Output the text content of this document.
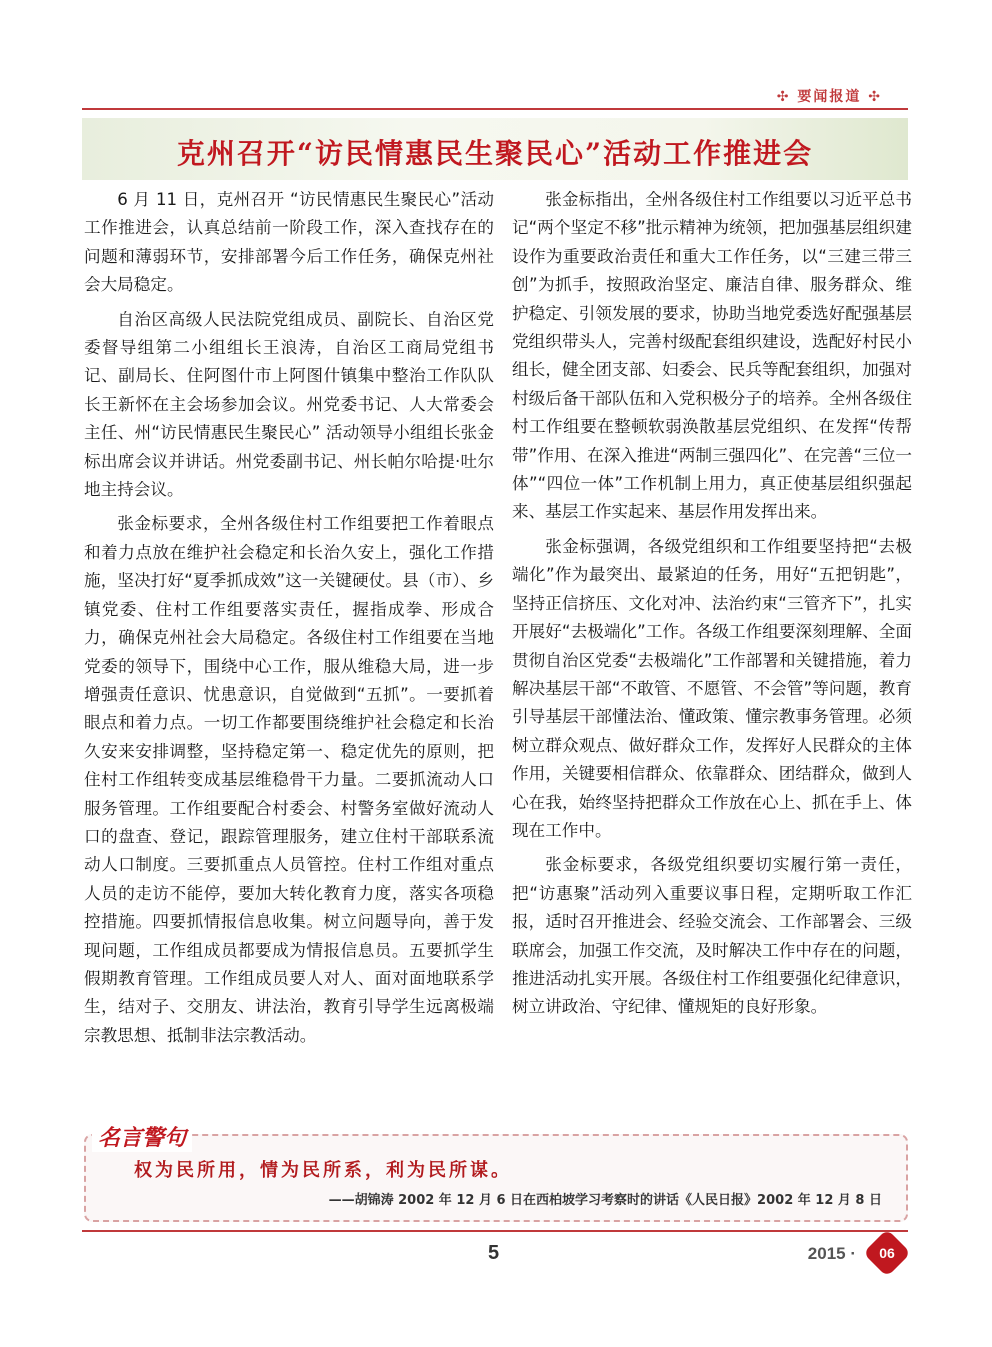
✣ 要闻报道 ✣
克州召开“访民情惠民生聚民心”活动工作推进会

6 月 11 日，克州召开 “访民情惠民生聚民心”活动工作推进会，认真总结前一阶段工作，深入查找存在的问题和薄弱环节，安排部署今后工作任务，确保克州社会大局稳定。

自治区高级人民法院党组成员、副院长、自治区党委督导组第二小组组长王浪涛，自治区工商局党组书记、副局长、住阿图什市上阿图什镇集中整治工作队队长王新怀在主会场参加会议。州党委书记、人大常委会主任、州“访民情惠民生聚民心” 活动领导小组组长张金标出席会议并讲话。州党委副书记、州长帕尔哈提·吐尔地主持会议。

张金标要求，全州各级住村工作组要把工作着眼点和着力点放在维护社会稳定和长治久安上，强化工作措施，坚决打好“夏季抓成效”这一关键硬仗。县（市）、乡镇党委、住村工作组要落实责任，握指成拳、形成合力，确保克州社会大局稳定。各级住村工作组要在当地党委的领导下，围绕中心工作，服从维稳大局，进一步增强责任意识、忧患意识，自觉做到“五抓”。一要抓着眼点和着力点。一切工作都要围绕维护社会稳定和长治久安来安排调整，坚持稳定第一、稳定优先的原则，把住村工作组转变成基层维稳骨干力量。二要抓流动人口服务管理。工作组要配合村委会、村警务室做好流动人口的盘查、登记，跟踪管理服务，建立住村干部联系流动人口制度。三要抓重点人员管控。住村工作组对重点人员的走访不能停，要加大转化教育力度，落实各项稳控措施。四要抓情报信息收集。树立问题导向，善于发现问题，工作组成员都要成为情报信息员。五要抓学生假期教育管理。工作组成员要人对人、面对面地联系学生，结对子、交朋友、讲法治，教育引导学生远离极端宗教思想、抵制非法宗教活动。

张金标指出，全州各级住村工作组要以习近平总书记“两个坚定不移”批示精神为统领，把加强基层组织建设作为重要政治责任和重大工作任务，以“三建三带三创”为抓手，按照政治坚定、廉洁自律、服务群众、维护稳定、引领发展的要求，协助当地党委选好配强基层党组织带头人，完善村级配套组织建设，选配好村民小组长，健全团支部、妇委会、民兵等配套组织，加强对村级后备干部队伍和入党积极分子的培养。全州各级住村工作组要在整顿软弱涣散基层党组织、在发挥“传帮带”作用、在深入推进“两制三强四化”、在完善“三位一体”“四位一体”工作机制上用力，真正使基层组织强起来、基层工作实起来、基层作用发挥出来。

张金标强调，各级党组织和工作组要坚持把“去极端化”作为最突出、最紧迫的任务，用好“五把钥匙”，坚持正信挤压、文化对冲、法治约束“三管齐下”，扎实开展好“去极端化”工作。各级工作组要深刻理解、全面贯彻自治区党委“去极端化”工作部署和关键措施，着力解决基层干部“不敢管、不愿管、不会管”等问题，教育引导基层干部懂法治、懂政策、懂宗教事务管理。必须树立群众观点、做好群众工作，发挥好人民群众的主体作用，关键要相信群众、依靠群众、团结群众，做到人心在我，始终坚持把群众工作放在心上、抓在手上、体现在工作中。

张金标要求，各级党组织要切实履行第一责任，把“访惠聚”活动列入重要议事日程，定期听取工作汇报，适时召开推进会、经验交流会、工作部署会、三级联席会，加强工作交流，及时解决工作中存在的问题，推进活动扎实开展。各级住村工作组要强化纪律意识，树立讲政治、守纪律、懂规矩的良好形象。

名言警句
权为民所用，情为民所系，利为民所谋。
——胡锦涛 2002 年 12 月 6 日在西柏坡学习考察时的讲话《人民日报》2002 年 12 月 8 日
5	2015 ·	06
